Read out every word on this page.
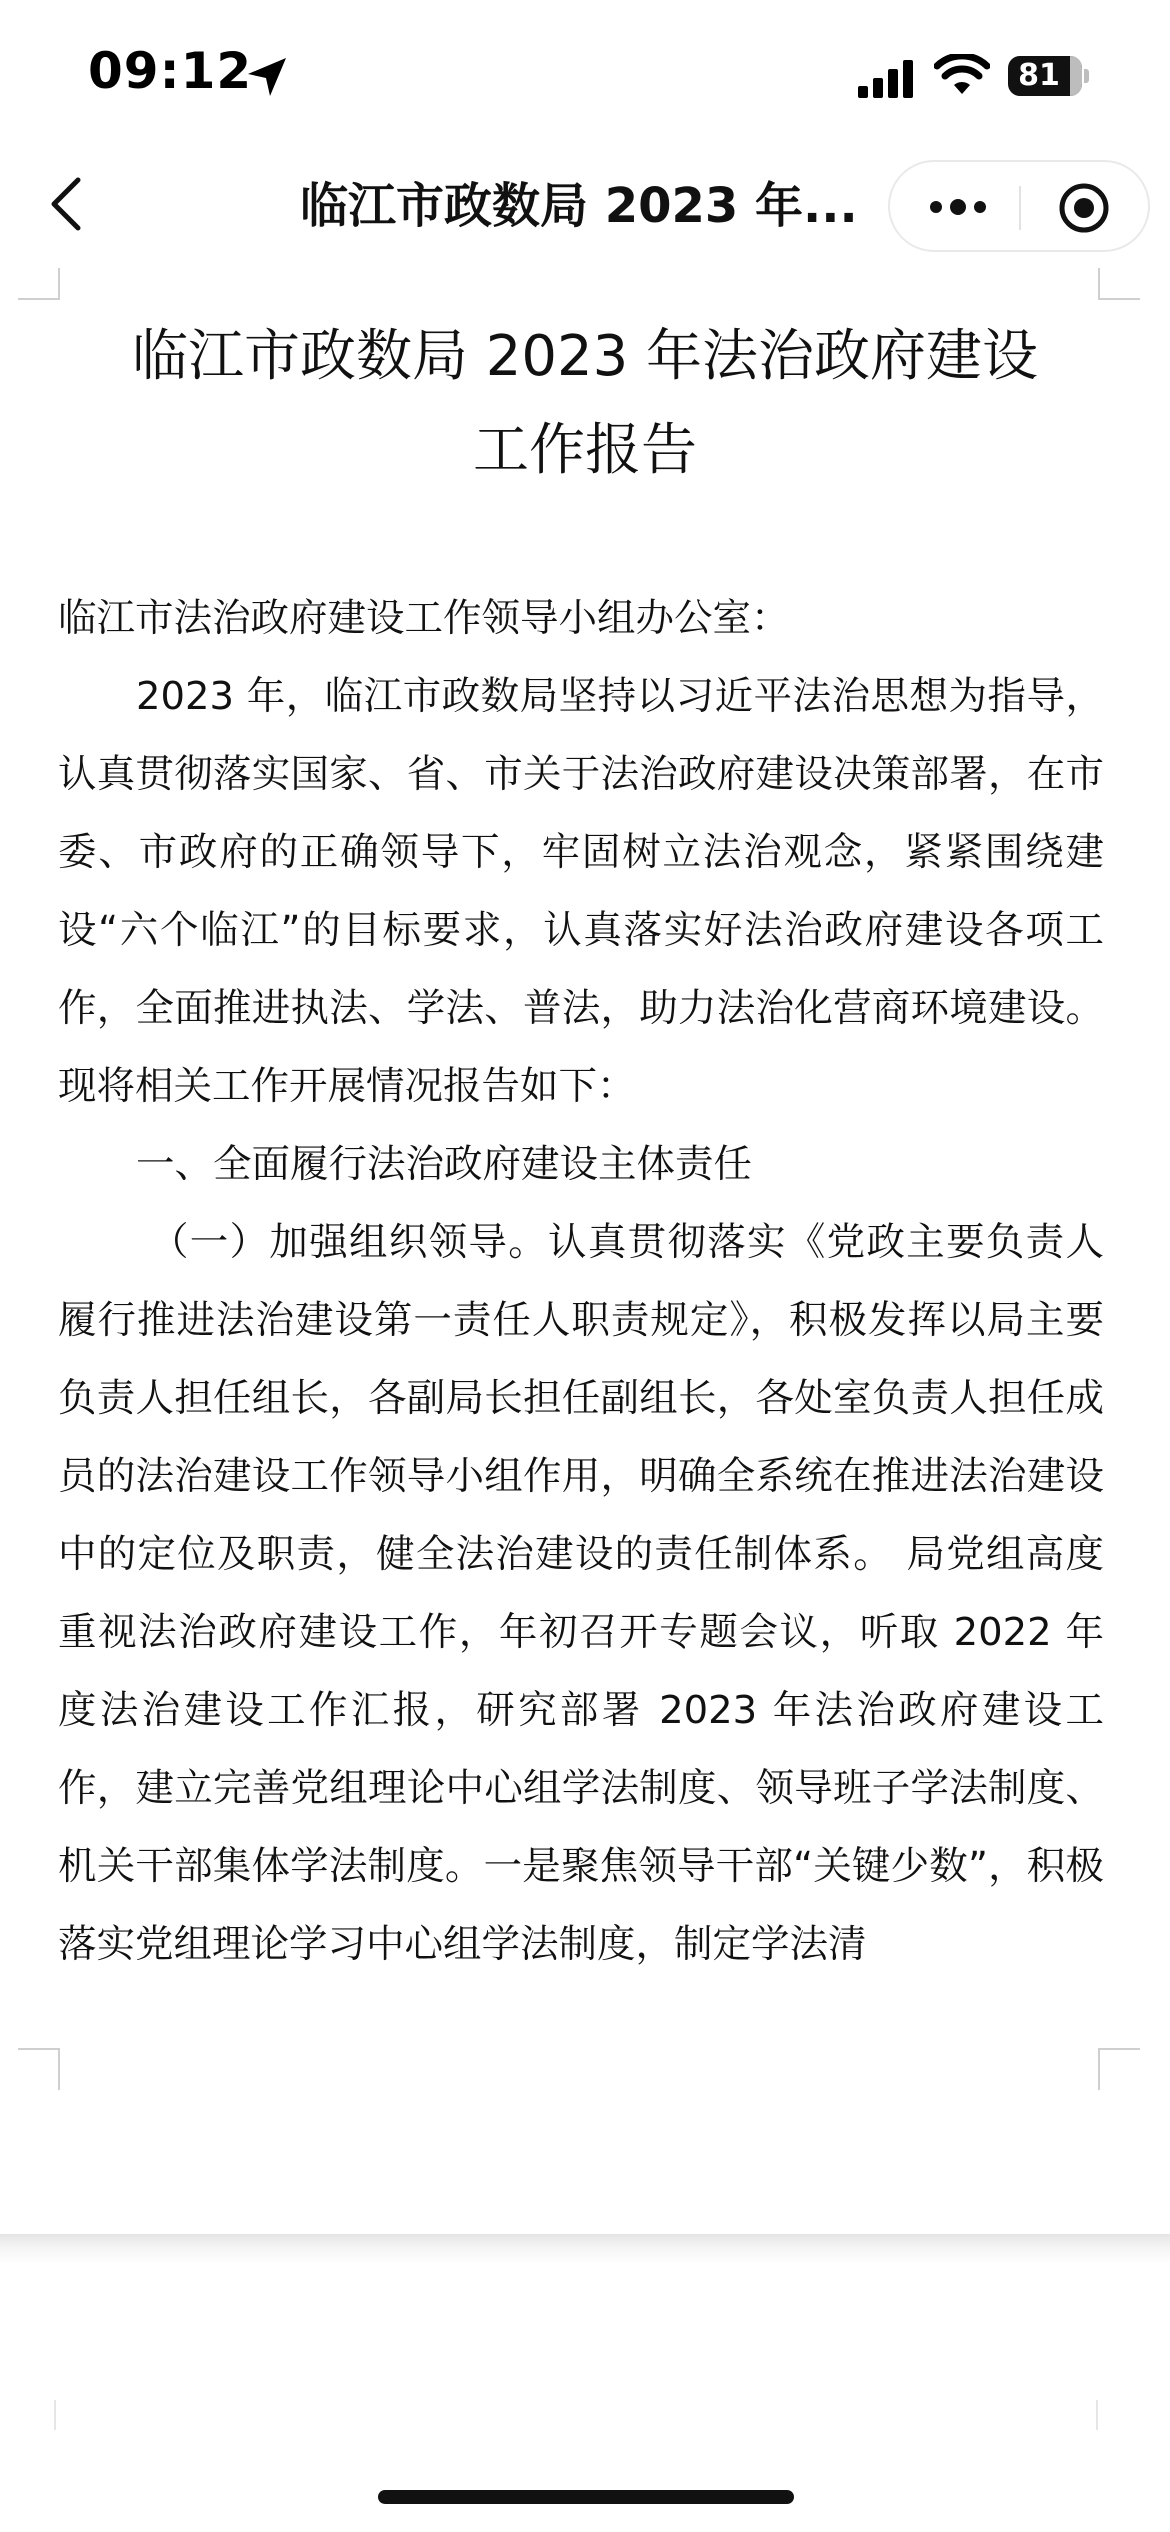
09:12	81
临江市政数局 2023 年...
临江市政数局 2023 年法治政府建设
工作报告

临江市法治政府建设工作领导小组办公室：

2023 年，临江市政数局坚持以习近平法治思想为指导，认真贯彻落实国家、省、市关于法治政府建设决策部署，在市委、市政府的正确领导下，牢固树立法治观念，紧紧围绕建设“六个临江”的目标要求，认真落实好法治政府建设各项工作，全面推进执法、学法、普法，助力法治化营商环境建设。现将相关工作开展情况报告如下：

一、全面履行法治政府建设主体责任

（一）加强组织领导。认真贯彻落实《党政主要负责人履行推进法治建设第一责任人职责规定》，积极发挥以局主要负责人担任组长，各副局长担任副组长，各处室负责人担任成员的法治建设工作领导小组作用，明确全系统在推进法治建设中的定位及职责，健全法治建设的责任制体系。 局党组高度重视法治政府建设工作，年初召开专题会议，听取 2022 年度法治建设工作汇报，研究部署 2023 年法治政府建设工作，建立完善党组理论中心组学法制度、领导班子学法制度、机关干部集体学法制度。一是聚焦领导干部“关键少数”，积极落实党组理论学习中心组学法制度，制定学法清
